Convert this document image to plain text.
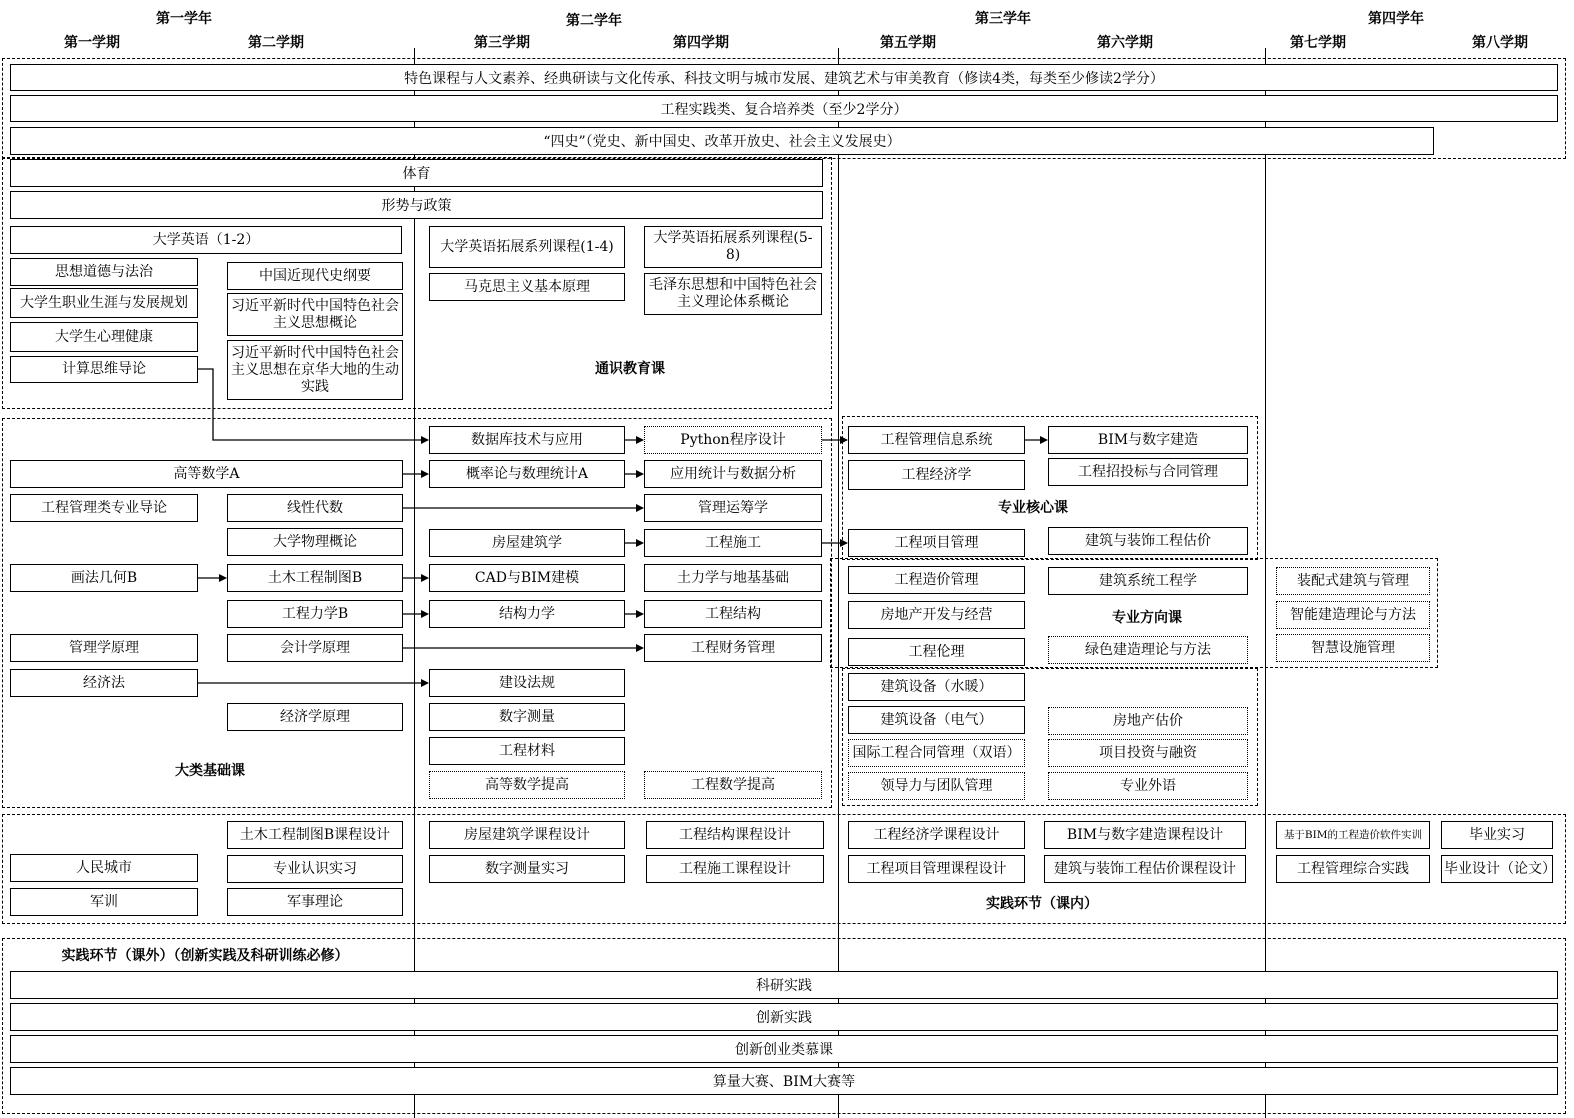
第一学年	第二学年	第三学年	第四学年
第一学期	第二学期	第三学期	第四学期	第五学期	第六学期	第七学期	第八学期
特色课程与人文素养、经典研读与文化传承、科技文明与城市发展、建筑艺术与审美教育（修读4类，每类至少修读2学分）
工程实践类、复合培养类（至少2学分）
“四史”（党史、新中国史、改革开放史、社会主义发展史）
体育
形势与政策
大学英语（1-2）
思想道德与法治
大学生职业生涯与发展规划
大学生心理健康
计算思维导论
中国近现代史纲要
习近平新时代中国特色社会主义思想概论
习近平新时代中国特色社会主义思想在京华大地的生动实践
大学英语拓展系列课程(1-4)
马克思主义基本原理
大学英语拓展系列课程(5-8)
毛泽东思想和中国特色社会主义理论体系概论
通识教育课
高等数学A
工程管理类专业导论	线性代数
大学物理概论
画法几何B	土木工程制图B
工程力学B
管理学原理	会计学原理
经济法
经济学原理
大类基础课
数据库技术与应用
概率论与数理统计A
房屋建筑学
CAD与BIM建模
结构力学
建设法规
数字测量
工程材料
高等数学提高
Python程序设计
应用统计与数据分析
管理运筹学
工程施工
土力学与地基基础
工程结构
工程财务管理
工程数学提高
工程管理信息系统	BIM与数字建造
工程经济学	工程招投标与合同管理
专业核心课
工程项目管理	建筑与装饰工程估价
工程造价管理
房地产开发与经营
工程伦理
建筑系统工程学
专业方向课
绿色建造理论与方法
装配式建筑与管理
智能建造理论与方法
智慧设施管理
建筑设备（水暖）
建筑设备（电气）
国际工程合同管理（双语）
领导力与团队管理
房地产估价
项目投资与融资
专业外语
土木工程制图B课程设计
人民城市	专业认识实习
军训	军事理论
房屋建筑学课程设计
数字测量实习
工程结构课程设计
工程施工课程设计
工程经济学课程设计
工程项目管理课程设计
BIM与数字建造课程设计
建筑与装饰工程估价课程设计
实践环节（课内）
基于BIM的工程造价软件实训
工程管理综合实践
毕业实习
毕业设计（论文）
实践环节（课外）（创新实践及科研训练必修）
科研实践
创新实践
创新创业类慕课
算量大赛、BIM大赛等
